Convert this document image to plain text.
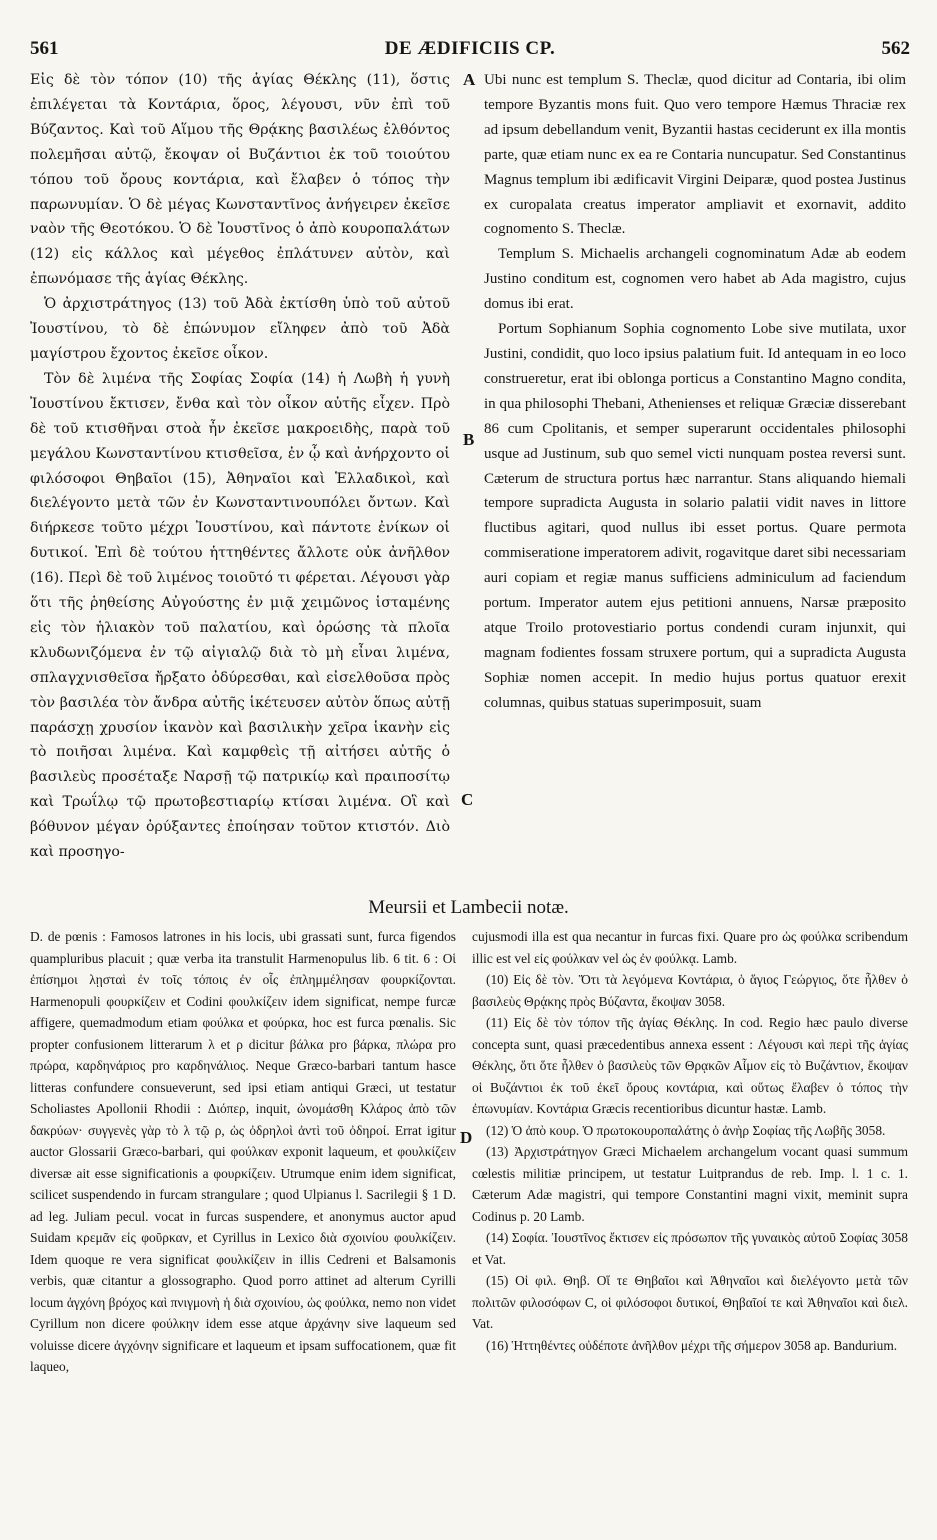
561	DE ÆDIFICIIS CP.	562
A
B
C
D

Εἰς δὲ τὸν τόπον (10) τῆς ἁγίας Θέκλης (11), ὅστις ἐπιλέγεται τὰ Κοντάρια, ὅρος, λέγουσι, νῦν ἐπὶ τοῦ Βύζαντος. Καὶ τοῦ Αἵμου τῆς Θρᾴκης βασιλέως ἐλθόντος πολεμῆσαι αὐτῷ, ἔκοψαν οἱ Βυζάντιοι ἐκ τοῦ τοιούτου τόπου τοῦ ὄρους κοντάρια, καὶ ἔλαβεν ὁ τόπος τὴν παρωνυμίαν. Ὁ δὲ μέγας Κωνσταντῖνος ἀνήγειρεν ἐκεῖσε ναὸν τῆς Θεοτόκου. Ὁ δὲ Ἰουστῖνος ὁ ἀπὸ κουροπαλάτων (12) εἰς κάλλος καὶ μέγεθος ἐπλάτυνεν αὐτὸν, καὶ ἐπωνόμασε τῆς ἁγίας Θέκλης.

Ὁ ἀρχιστράτηγος (13) τοῦ Ἀδὰ ἐκτίσθη ὑπὸ τοῦ αὐτοῦ Ἰουστίνου, τὸ δὲ ἐπώνυμον εἴληφεν ἀπὸ τοῦ Ἀδὰ μαγίστρου ἔχοντος ἐκεῖσε οἶκον.

Τὸν δὲ λιμένα τῆς Σοφίας Σοφία (14) ἡ Λωβὴ ἡ γυνὴ Ἰουστίνου ἔκτισεν, ἔνθα καὶ τὸν οἶκον αὐτῆς εἶχεν. Πρὸ δὲ τοῦ κτισθῆναι στοὰ ἦν ἐκεῖσε μακροειδὴς, παρὰ τοῦ μεγάλου Κωνσταντίνου κτισθεῖσα, ἐν ᾧ καὶ ἀνήρχοντο οἱ φιλόσοφοι Θηβαῖοι (15), Ἀθηναῖοι καὶ Ἑλλαδικοὶ, καὶ διελέγοντο μετὰ τῶν ἐν Κωνσταντινουπόλει ὄντων. Καὶ διήρκεσε τοῦτο μέχρι Ἰουστίνου, καὶ πάντοτε ἐνίκων οἱ δυτικοί. Ἐπὶ δὲ τούτου ἡττηθέντες ἄλλοτε οὐκ ἀνῆλθον (16). Περὶ δὲ τοῦ λιμένος τοιοῦτό τι φέρεται. Λέγουσι γὰρ ὅτι τῆς ῥηθείσης Αὐγούστης ἐν μιᾷ χειμῶνος ἱσταμένης εἰς τὸν ἡλιακὸν τοῦ παλατίου, καὶ ὁρώσης τὰ πλοῖα κλυδωνιζόμενα ἐν τῷ αἰγιαλῷ διὰ τὸ μὴ εἶναι λιμένα, σπλαγχνισθεῖσα ἤρξατο ὀδύρεσθαι, καὶ εἰσελθοῦσα πρὸς τὸν βασιλέα τὸν ἄνδρα αὐτῆς ἱκέτευσεν αὐτὸν ὅπως αὐτῇ παράσχῃ χρυσίον ἱκανὸν καὶ βασιλικὴν χεῖρα ἱκανὴν εἰς τὸ ποιῆσαι λιμένα. Καὶ καμφθεὶς τῇ αἰτήσει αὐτῆς ὁ βασιλεὺς προσέταξε Ναρσῇ τῷ πατρικίῳ καὶ πραιποσίτῳ καὶ Τρωΐλῳ τῷ πρωτοβεστιαρίῳ κτίσαι λιμένα. Οἳ καὶ βόθυνον μέγαν ὀρύξαντες ἐποίησαν τοῦτον κτιστόν. Διὸ καὶ προσηγο-

Ubi nunc est templum S. Theclæ, quod dicitur ad Contaria, ibi olim tempore Byzantis mons fuit. Quo vero tempore Hæmus Thraciæ rex ad ipsum debellandum venit, Byzantii hastas ceciderunt ex illa montis parte, quæ etiam nunc ex ea re Contaria nuncupatur. Sed Constantinus Magnus templum ibi ædificavit Virgini Deiparæ, quod postea Justinus ex curopalata creatus imperator ampliavit et exornavit, addito cognomento S. Theclæ.

Templum S. Michaelis archangeli cognominatum Adæ ab eodem Justino conditum est, cognomen vero habet ab Ada magistro, cujus domus ibi erat.

Portum Sophianum Sophia cognomento Lobe sive mutilata, uxor Justini, condidit, quo loco ipsius palatium fuit. Id antequam in eo loco construeretur, erat ibi oblonga porticus a Constantino Magno condita, in qua philosophi Thebani, Athenienses et reliquæ Græciæ disserebant 86 cum Cpolitanis, et semper superarunt occidentales philosophi usque ad Justinum, sub quo semel victi nunquam postea reversi sunt. Cæterum de structura portus hæc narrantur. Stans aliquando hiemali tempore supradicta Augusta in solario palatii vidit naves in littore fluctibus agitari, quod nullus ibi esset portus. Quare permota commiseratione imperatorem adivit, rogavitque daret sibi necessariam auri copiam et regiæ manus sufficiens adminiculum ad faciendum portum. Imperator autem ejus petitioni annuens, Narsæ præposito atque Troilo protovestiario portus condendi curam injunxit, qui magnam fodientes fossam struxere portum, qui a supradicta Augusta Sophiæ nomen accepit. In medio hujus portus quatuor erexit columnas, quibus statuas superimposuit, suam

Meursii et Lambecii notæ.

D. de pœnis : Famosos latrones in his locis, ubi grassati sunt, furca figendos quampluribus placuit ; quæ verba ita transtulit Harmenopulus lib. 6 tit. 6 : Οἱ ἐπίσημοι λῃσταὶ ἐν τοῖς τόποις ἐν οἷς ἐπλημμέλησαν φουρκίζονται. Harmenopuli φουρκίζειν et Codini φουλκίζειν idem significat, nempe furcæ affigere, quemadmodum etiam φούλκα et φούρκα, hoc est furca pœnalis. Sic propter confusionem litterarum λ et ρ dicitur βάλκα pro βάρκα, πλώρα pro πρώρα, καρδηνάριος pro καρδηνάλιος. Neque Græco-barbari tantum hasce litteras confundere consueverunt, sed ipsi etiam antiqui Græci, ut testatur Scholiastes Apollonii Rhodii : Διόπερ, inquit, ὠνομάσθη Κλάρος ἀπὸ τῶν δακρύων· συγγενὲς γὰρ τὸ λ τῷ ρ, ὡς ὀδρηλοὶ ἀντὶ τοῦ ὀδηροί. Errat igitur auctor Glossarii Græco-barbari, qui φούλκαν exponit laqueum, et φουλκίζειν diversæ ait esse significationis a φουρκίζειν. Utrumque enim idem significat, scilicet suspendendo in furcam strangulare ; quod Ulpianus l. Sacrilegii § 1 D. ad leg. Juliam pecul. vocat in furcas suspendere, et anonymus auctor apud Suidam κρεμᾶν εἰς φοῦρκαν, et Cyrillus in Lexico διὰ σχοινίου φουλκίζειν. Idem quoque re vera significat φουλκίζειν in illis Cedreni et Balsamonis verbis, quæ citantur a glossographo. Quod porro attinet ad alterum Cyrilli locum ἀγχόνη βρόχος καὶ πνιγμονὴ ἡ διὰ σχοινίου, ὡς φούλκα, nemo non videt Cyrillum non dicere φούλκην idem esse atque ἀρχάνην sive laqueum sed voluisse dicere ἀγχόνην significare et laqueum et ipsam suffocationem, quæ fit laqueo,

cujusmodi illa est qua necantur in furcas fixi. Quare pro ὡς φούλκα scribendum illic est vel εἰς φούλκαν vel ὡς ἐν φούλκᾳ. Lamb.

(10) Εἰς δὲ τὸν. Ὅτι τὰ λεγόμενα Κοντάρια, ὁ ἅγιος Γεώργιος, ὅτε ἦλθεν ὁ βασιλεὺς Θρᾴκης πρὸς Βύζαντα, ἔκοψαν 3058.

(11) Εἰς δὲ τὸν τόπον τῆς ἁγίας Θέκλης. In cod. Regio hæc paulo diverse concepta sunt, quasi præcedentibus annexa essent : Λέγουσι καὶ περὶ τῆς ἁγίας Θέκλης, ὅτι ὅτε ἦλθεν ὁ βασιλεὺς τῶν Θρᾳκῶν Αἷμον εἰς τὸ Βυζάντιον, ἔκοψαν οἱ Βυζάντιοι ἐκ τοῦ ἐκεῖ ὄρους κοντάρια, καὶ οὕτως ἔλαβεν ὁ τόπος τὴν ἐπωνυμίαν. Κοντάρια Græcis recentioribus dicuntur hastæ. Lamb.

(12) Ὁ ἀπὸ κουρ. Ὁ πρωτοκουροπαλάτης ὁ ἀνὴρ Σοφίας τῆς Λωβῆς 3058.

(13) Ἀρχιστράτηγον Græci Michaelem archangelum vocant quasi summum cœlestis militiæ principem, ut testatur Luitprandus de reb. Imp. l. 1 c. 1. Cæterum Adæ magistri, qui tempore Constantini magni vixit, meminit supra Codinus p. 20 Lamb.

(14) Σοφία. Ἰουστῖνος ἔκτισεν εἰς πρόσωπον τῆς γυναικὸς αὐτοῦ Σοφίας 3058 et Vat.

(15) Οἱ φιλ. Θηβ. Οἵ τε Θηβαῖοι καὶ Ἀθηναῖοι καὶ διελέγοντο μετὰ τῶν πολιτῶν φιλοσόφων C, οἱ φιλόσοφοι δυτικοί, Θηβαῖοί τε καὶ Ἀθηναῖοι καὶ διελ. Vat.

(16) Ἡττηθέντες οὐδέποτε ἀνῆλθον μέχρι τῆς σήμερον 3058 ap. Bandurium.
